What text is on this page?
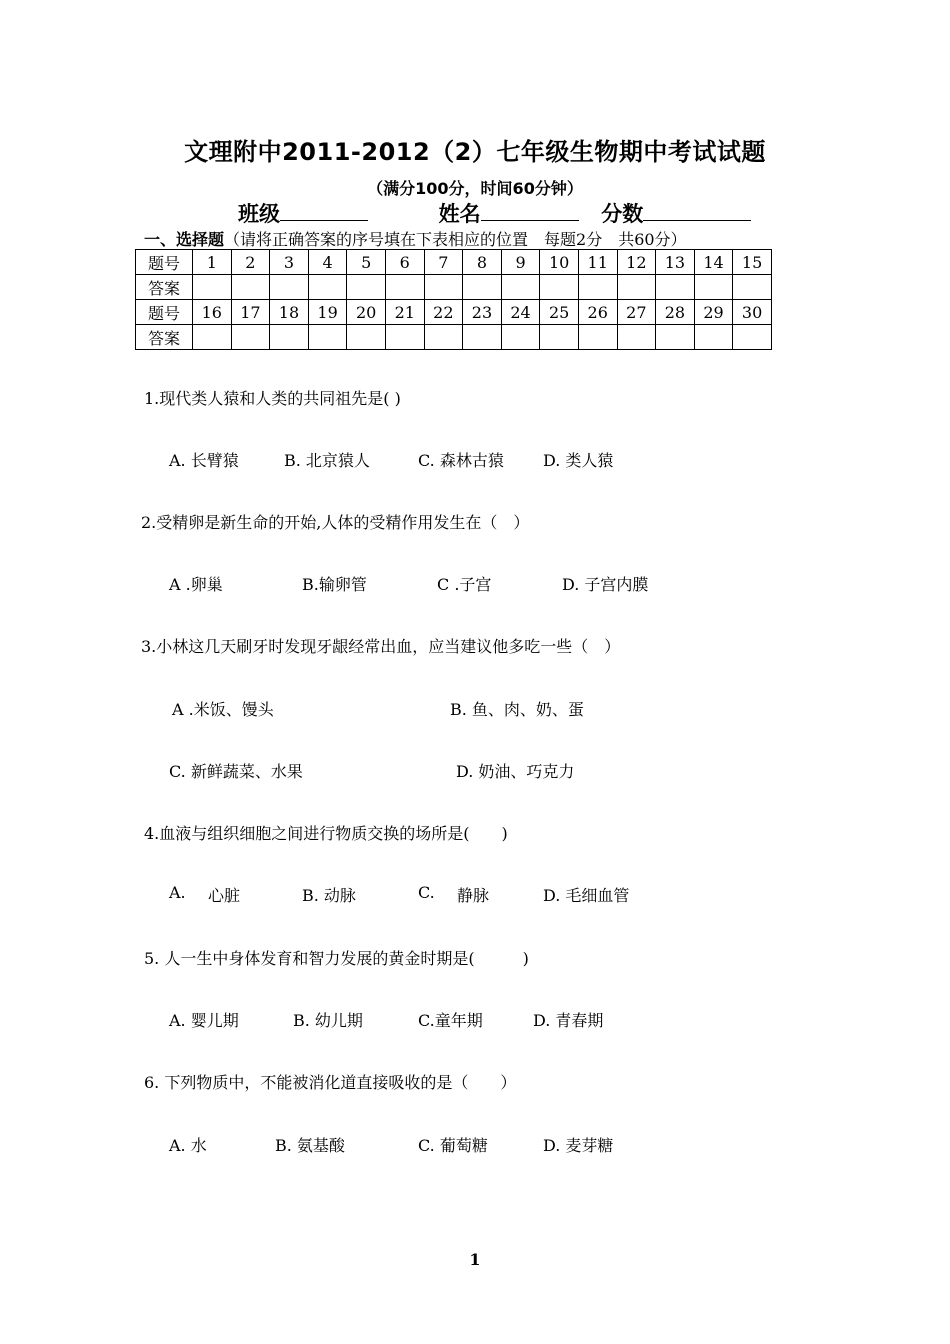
文理附中2011-2012（2）七年级生物期中考试试题
（满分100分，时间60分钟）
班级	姓名	分数
一、选择题（请将正确答案的序号填在下表相应的位置　每题2分　共60分）
题号	1	2	3	4	5	6	7	8	9	10	11	12	13	14	15
答案															
题号	16	17	18	19	20	21	22	23	24	25	26	27	28	29	30
答案															
1.现代类人猿和人类的共同祖先是( )
A. 长臂猿	B. 北京猿人	C. 森林古猿 D. 类人猿
2.受精卵是新生命的开始,人体的受精作用发生在（　）
A .卵巢	B.输卵管	C .子宫	D. 子宫内膜
3.小林这几天刷牙时发现牙龈经常出血，应当建议他多吃一些（　）
A .米饭、馒头	B. 鱼、肉、奶、蛋
C. 新鲜蔬菜、水果	D. 奶油、巧克力
4.血液与组织细胞之间进行物质交换的场所是(　　)
A. 心脏	B. 动脉	C. 静脉	D. 毛细血管
5. 人一生中身体发育和智力发展的黄金时期是(　　　)
A. 婴儿期	B. 幼儿期	C.童年期	D. 青春期
6. 下列物质中，不能被消化道直接吸收的是（　　）
A. 水	B. 氨基酸	C. 葡萄糖	D. 麦芽糖
1
